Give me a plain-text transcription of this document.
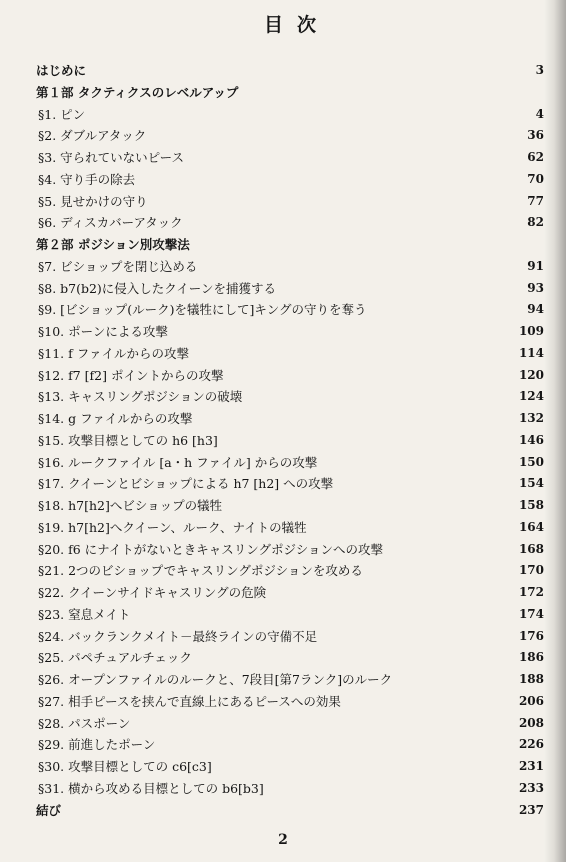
目次
はじめに	3
第１部 タクティクスのレベルアップ
§1. ピン	4
§2. ダブルアタック	36
§3. 守られていないピース	62
§4. 守り手の除去	70
§5. 見せかけの守り	77
§6. ディスカバーアタック	82
第２部 ポジション別攻撃法
§7. ビショップを閉じ込める	91
§8. b7(b2)に侵入したクイーンを捕獲する	93
§9. [ビショップ(ルーク)を犠牲にして]キングの守りを奪う	94
§10. ポーンによる攻撃	109
§11. f ファイルからの攻撃	114
§12. f7 [f2] ポイントからの攻撃	120
§13. キャスリングポジションの破壊	124
§14. g ファイルからの攻撃	132
§15. 攻撃目標としての h6 [h3]	146
§16. ルークファイル [a・h ファイル] からの攻撃	150
§17. クイーンとビショップによる h7 [h2] への攻撃	154
§18. h7[h2]へビショップの犠牲	158
§19. h7[h2]へクイーン、ルーク、ナイトの犠牲	164
§20. f6 にナイトがないときキャスリングポジションへの攻撃	168
§21. 2つのビショップでキャスリングポジションを攻める	170
§22. クイーンサイドキャスリングの危険	172
§23. 窒息メイト	174
§24. バックランクメイト－最終ラインの守備不足	176
§25. パペチュアルチェック	186
§26. オープンファイルのルークと、7段目[第7ランク]のルーク	188
§27. 相手ピースを挟んで直線上にあるピースへの効果	206
§28. パスポーン	208
§29. 前進したポーン	226
§30. 攻撃目標としての c6[c3]	231
§31. 横から攻める目標としての b6[b3]	233
結び	237
2
